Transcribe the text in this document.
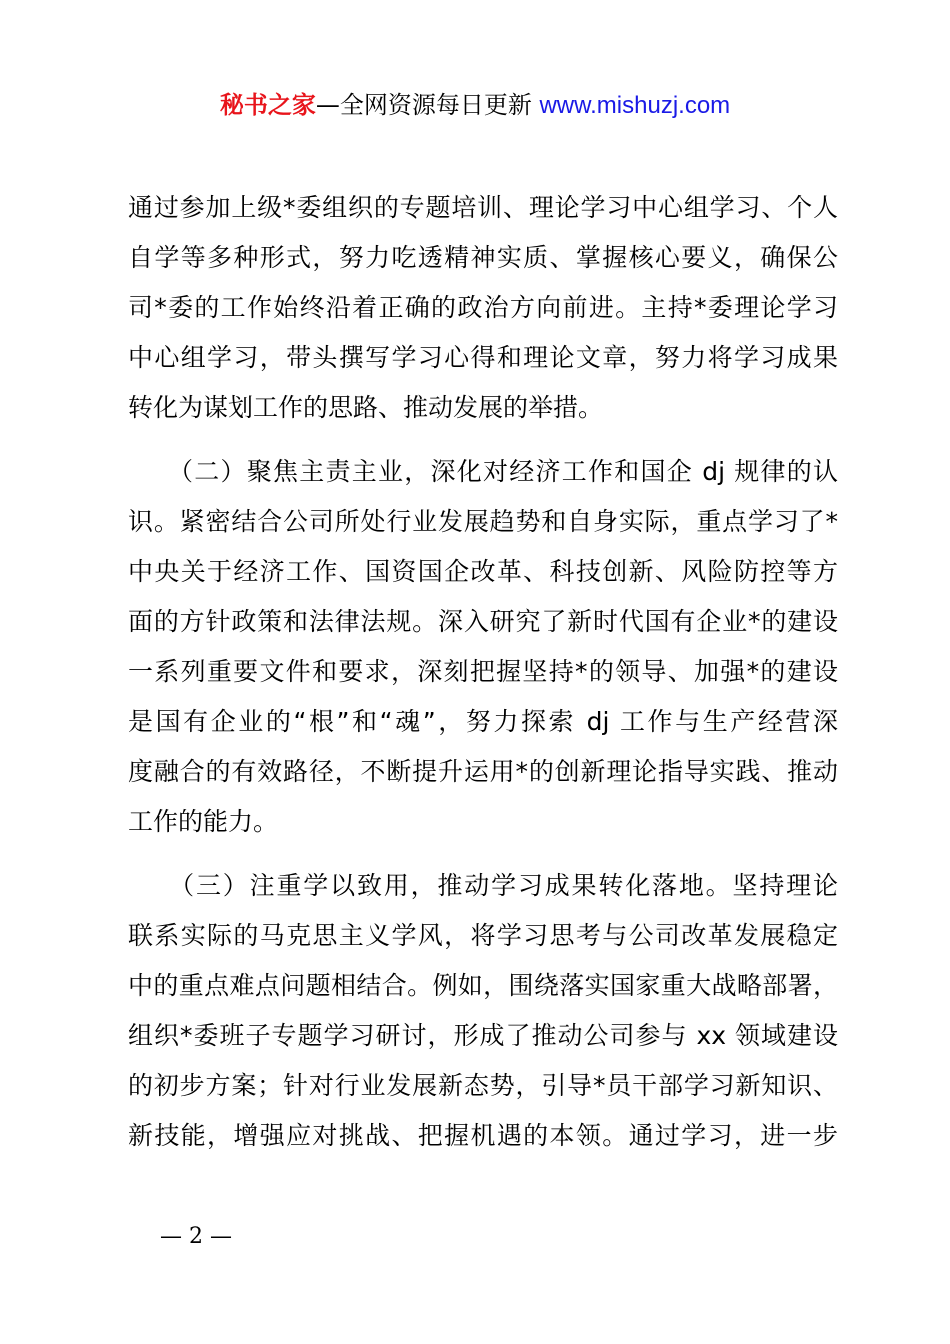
秘书之家—全网资源每日更新 www.mishuzj.com
通过参加上级*委组织的专题培训、理论学习中心组学习、个人
自学等多种形式，努力吃透精神实质、掌握核心要义，确保公
司*委的工作始终沿着正确的政治方向前进。主持*委理论学习
中心组学习，带头撰写学习心得和理论文章，努力将学习成果
转化为谋划工作的思路、推动发展的举措。
　　（二）聚焦主责主业，深化对经济工作和国企 dj 规律的认
识。紧密结合公司所处行业发展趋势和自身实际，重点学习了*
中央关于经济工作、国资国企改革、科技创新、风险防控等方
面的方针政策和法律法规。深入研究了新时代国有企业*的建设
一系列重要文件和要求，深刻把握坚持*的领导、加强*的建设
是国有企业的“根”和“魂”，努力探索 dj 工作与生产经营深
度融合的有效路径，不断提升运用*的创新理论指导实践、推动
工作的能力。
　　（三）注重学以致用，推动学习成果转化落地。坚持理论
联系实际的马克思主义学风，将学习思考与公司改革发展稳定
中的重点难点问题相结合。例如，围绕落实国家重大战略部署，
组织*委班子专题学习研讨，形成了推动公司参与 xx 领域建设
的初步方案；针对行业发展新态势，引导*员干部学习新知识、
新技能，增强应对挑战、把握机遇的本领。通过学习，进一步
— 2 —
